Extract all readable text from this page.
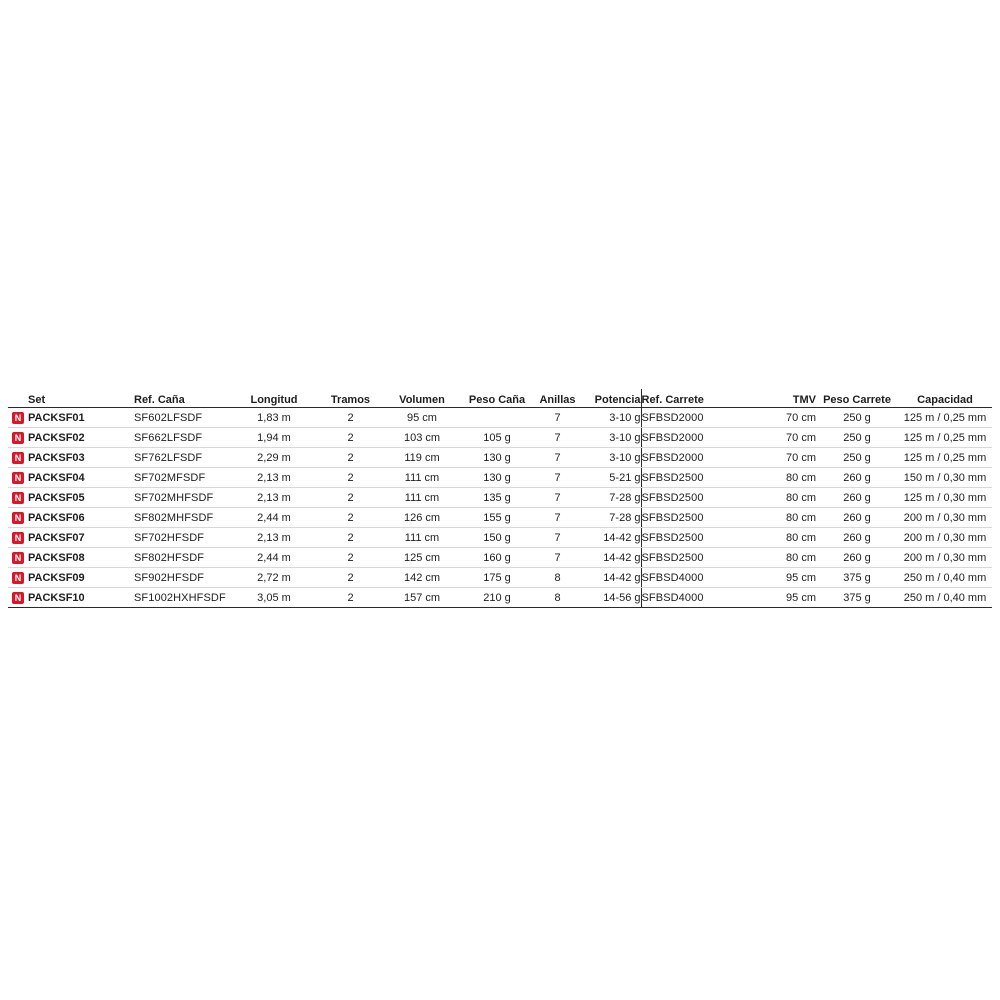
	Set	Ref. Caña	Longitud	Tramos	Volumen	Peso Caña	Anillas	Potencia	Ref. Carrete	TMV	Peso Carrete	Capacidad
N	PACKSF01	SF602LFSDF	1,83 m	2	95 cm		7	3-10 g	SFBSD2000	70 cm	250 g	125 m / 0,25 mm
N	PACKSF02	SF662LFSDF	1,94 m	2	103 cm	105 g	7	3-10 g	SFBSD2000	70 cm	250 g	125 m / 0,25 mm
N	PACKSF03	SF762LFSDF	2,29 m	2	119 cm	130 g	7	3-10 g	SFBSD2000	70 cm	250 g	125 m / 0,25 mm
N	PACKSF04	SF702MFSDF	2,13 m	2	111 cm	130 g	7	5-21 g	SFBSD2500	80 cm	260 g	150 m / 0,30 mm
N	PACKSF05	SF702MHFSDF	2,13 m	2	111 cm	135 g	7	7-28 g	SFBSD2500	80 cm	260 g	125 m / 0,30 mm
N	PACKSF06	SF802MHFSDF	2,44 m	2	126 cm	155 g	7	7-28 g	SFBSD2500	80 cm	260 g	200 m / 0,30 mm
N	PACKSF07	SF702HFSDF	2,13 m	2	111 cm	150 g	7	14-42 g	SFBSD2500	80 cm	260 g	200 m / 0,30 mm
N	PACKSF08	SF802HFSDF	2,44 m	2	125 cm	160 g	7	14-42 g	SFBSD2500	80 cm	260 g	200 m / 0,30 mm
N	PACKSF09	SF902HFSDF	2,72 m	2	142 cm	175 g	8	14-42 g	SFBSD4000	95 cm	375 g	250 m / 0,40 mm
N	PACKSF10	SF1002HXHFSDF	3,05 m	2	157 cm	210 g	8	14-56 g	SFBSD4000	95 cm	375 g	250 m / 0,40 mm
